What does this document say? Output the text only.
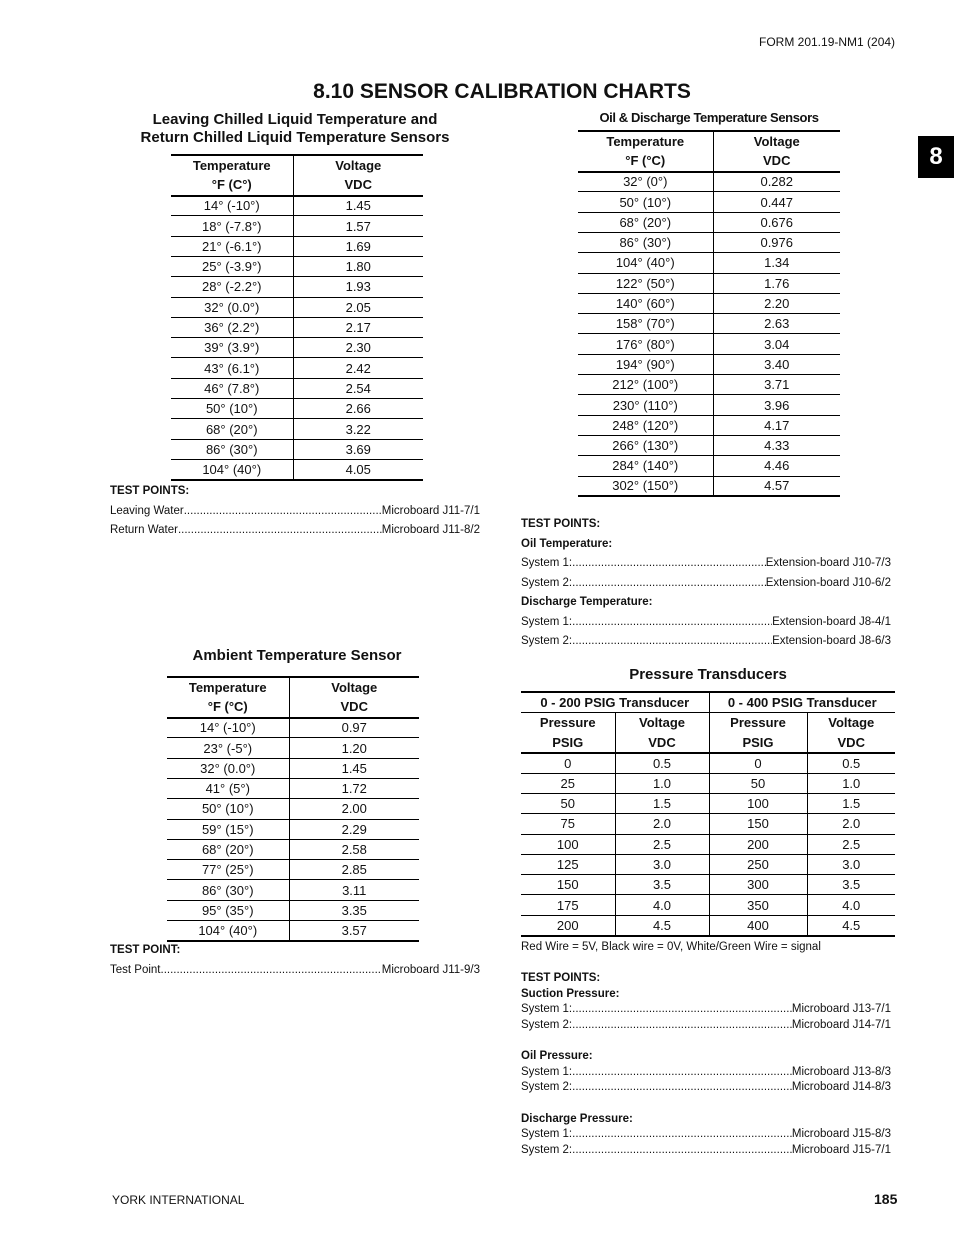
FORM 201.19-NM1 (204)
8.10 SENSOR CALIBRATION CHARTS
8
Leaving Chilled Liquid Temperature and
Return Chilled Liquid Temperature Sensors
Temperature	Voltage
°F (C°)	VDC
14° (-10°)	1.45
18° (-7.8°)	1.57
21° (-6.1°)	1.69
25° (-3.9°)	1.80
28° (-2.2°)	1.93
32° (0.0°)	2.05
36° (2.2°)	2.17
39° (3.9°)	2.30
43° (6.1°)	2.42
46° (7.8°)	2.54
50° (10°)	2.66
68° (20°)	3.22
86° (30°)	3.69
104° (40°)	4.05
TEST POINTS:
Leaving Water .....	Microboard J11-7/1
Return Water .....	Microboard J11-8/2
Ambient Temperature Sensor
Temperature	Voltage
°F (°C)	VDC
14° (-10°)	0.97
23° (-5°)	1.20
32° (0.0°)	1.45
41° (5°)	1.72
50° (10°)	2.00
59° (15°)	2.29
68° (20°)	2.58
77° (25°)	2.85
86° (30°)	3.11
95° (35°)	3.35
104° (40°)	3.57
TEST POINT:
Test Point .....	Microboard J11-9/3
Oil & Discharge Temperature Sensors
Temperature	Voltage
°F (°C)	VDC
32° (0°)	0.282
50° (10°)	0.447
68° (20°)	0.676
86° (30°)	0.976
104° (40°)	1.34
122° (50°)	1.76
140° (60°)	2.20
158° (70°)	2.63
176° (80°)	3.04
194° (90°)	3.40
212° (100°)	3.71
230° (110°)	3.96
248° (120°)	4.17
266° (130°)	4.33
284° (140°)	4.46
302° (150°)	4.57
TEST POINTS:
Oil Temperature:
System 1: .....	Extension-board J10-7/3
System 2: .....	Extension-board J10-6/2
Discharge Temperature:
System 1: .....	Extension-board J8-4/1
System 2: .....	Extension-board J8-6/3
Pressure Transducers
0 - 200 PSIG Transducer		0 - 400 PSIG Transducer	
Pressure	Voltage	Pressure	Voltage
PSIG	VDC	PSIG	VDC
0	0.5	0	0.5
25	1.0	50	1.0
50	1.5	100	1.5
75	2.0	150	2.0
100	2.5	200	2.5
125	3.0	250	3.0
150	3.5	300	3.5
175	4.0	350	4.0
200	4.5	400	4.5
Red Wire = 5V, Black wire = 0V, White/Green Wire = signal
TEST POINTS:
Suction Pressure:
System 1: .....	Microboard J13-7/1
System 2: .....	Microboard J14-7/1
Oil Pressure:
System 1: .....	Microboard J13-8/3
System 2: .....	Microboard J14-8/3
Discharge Pressure:
System 1: .....	Microboard J15-8/3
System 2: .....	Microboard J15-7/1
YORK INTERNATIONAL	185
